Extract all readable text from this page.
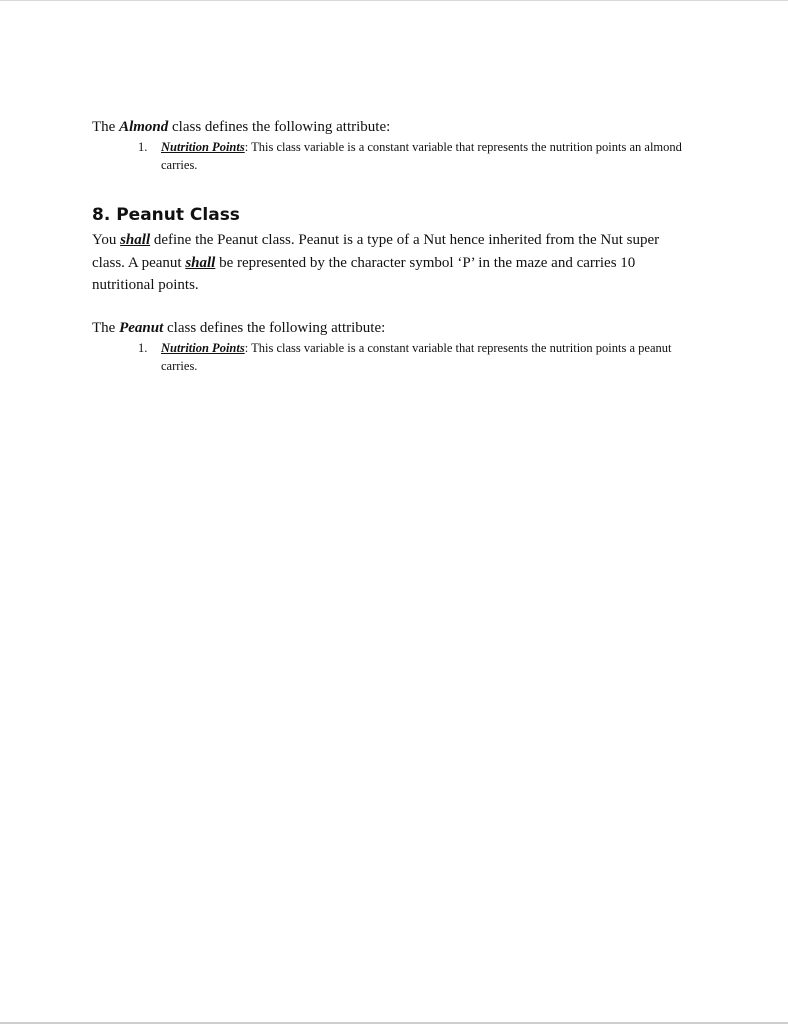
The Almond class defines the following attribute:
1. Nutrition Points: This class variable is a constant variable that represents the nutrition points an almond carries.
8. Peanut Class
You shall define the Peanut class. Peanut is a type of a Nut hence inherited from the Nut super class. A peanut shall be represented by the character symbol ‘P’ in the maze and carries 10 nutritional points.
The Peanut class defines the following attribute:
1. Nutrition Points: This class variable is a constant variable that represents the nutrition points a peanut carries.
